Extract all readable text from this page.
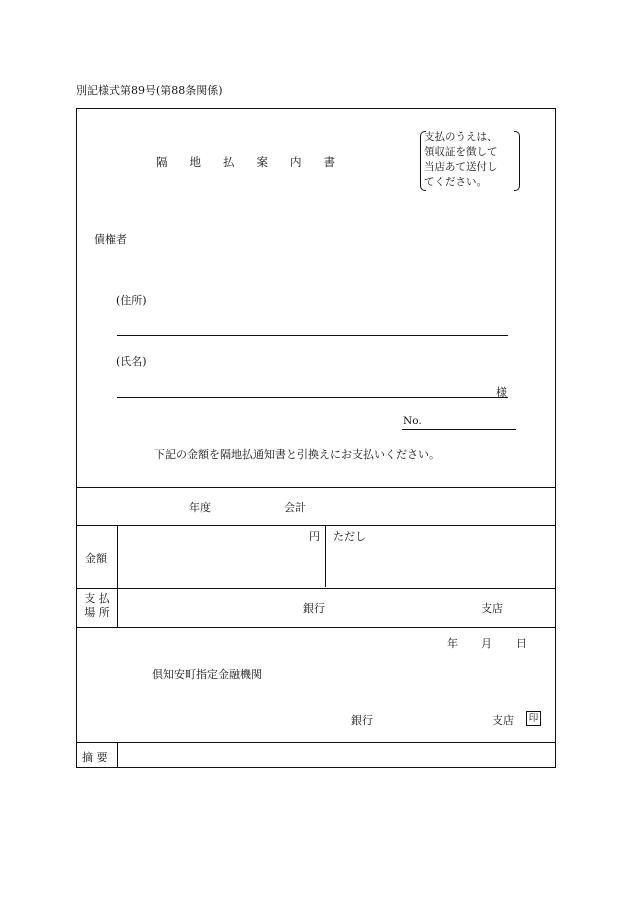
別記様式第89号(第88条関係)
隔 地 払 案 内 書
支払のうえは、
領収証を徴して
当店あて送付し
てください。
債権者
(住所)
(氏名)
様
No.
下記の金額を隔地払通知書と引換えにお支払いください。
年度	会計
金額
円 ただし
支 払
場 所	銀行	支店
年 月 日
倶知安町指定金融機関
銀行	支店 印
摘 要
